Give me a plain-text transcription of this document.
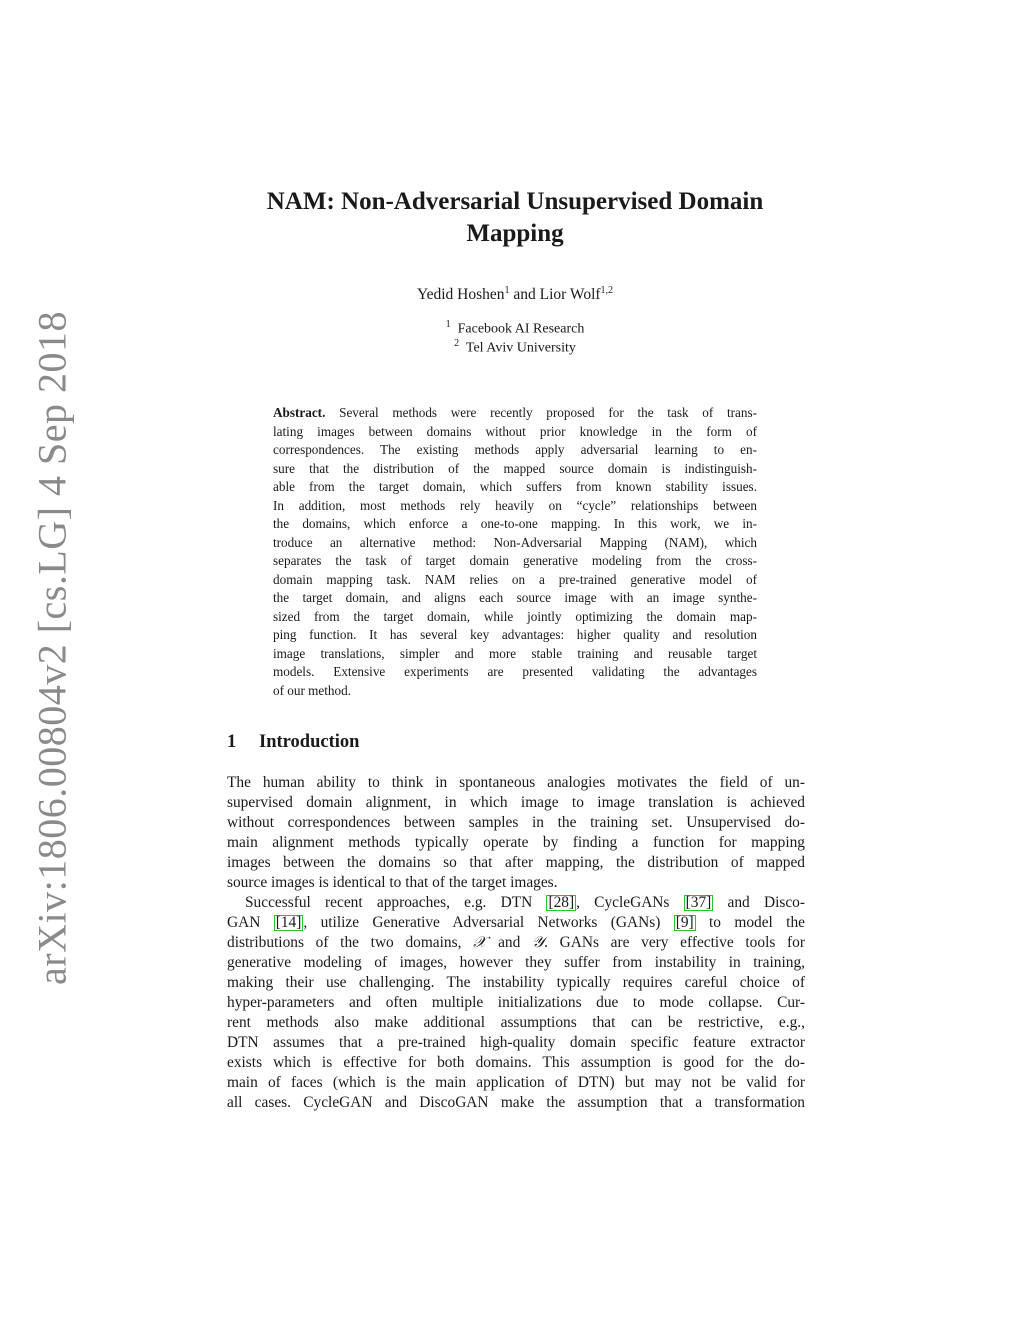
arXiv:1806.00804v2 [cs.LG] 4 Sep 2018
NAM: Non-Adversarial Unsupervised Domain
Mapping
Yedid Hoshen$^1$ and Lior Wolf$^{1,2}$
$^1$ Facebook AI Research
$^2$ Tel Aviv University
Abstract. Several methods were recently proposed for the task of trans-
lating images between domains without prior knowledge in the form of
correspondences. The existing methods apply adversarial learning to en-
sure that the distribution of the mapped source domain is indistinguish-
able from the target domain, which suffers from known stability issues.
In addition, most methods rely heavily on “cycle” relationships between
the domains, which enforce a one-to-one mapping. In this work, we in-
troduce an alternative method: Non-Adversarial Mapping (NAM), which
separates the task of target domain generative modeling from the cross-
domain mapping task. NAM relies on a pre-trained generative model of
the target domain, and aligns each source image with an image synthe-
sized from the target domain, while jointly optimizing the domain map-
ping function. It has several key advantages: higher quality and resolution
image translations, simpler and more stable training and reusable target
models. Extensive experiments are presented validating the advantages
of our method.
1 Introduction
The human ability to think in spontaneous analogies motivates the field of un-
supervised domain alignment, in which image to image translation is achieved
without correspondences between samples in the training set. Unsupervised do-
main alignment methods typically operate by finding a function for mapping
images between the domains so that after mapping, the distribution of mapped
source images is identical to that of the target images.
Successful recent approaches, e.g. DTN [28] , CycleGANs [37] and Disco-
GAN [14] , utilize Generative Adversarial Networks (GANs) [9] to model the
distributions of the two domains, 𝒳 and 𝒴. GANs are very effective tools for
generative modeling of images, however they suffer from instability in training,
making their use challenging. The instability typically requires careful choice of
hyper-parameters and often multiple initializations due to mode collapse. Cur-
rent methods also make additional assumptions that can be restrictive, e.g.,
DTN assumes that a pre-trained high-quality domain specific feature extractor
exists which is effective for both domains. This assumption is good for the do-
main of faces (which is the main application of DTN) but may not be valid for
all cases. CycleGAN and DiscoGAN make the assumption that a transformation
